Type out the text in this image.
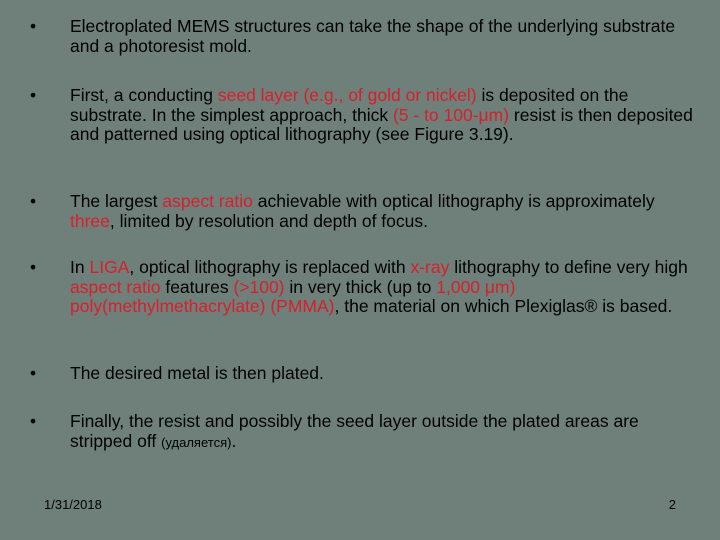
• Electroplated MEMS structures can take the shape of the underlying substrate and a photoresist mold.
• First, a conducting seed layer (e.g., of gold or nickel) is deposited on the substrate. In the simplest approach, thick (5 - to 100-μm) resist is then deposited and patterned using optical lithography (see Figure 3.19).
• The largest aspect ratio achievable with optical lithography is approximately three, limited by resolution and depth of focus.
• In LIGA, optical lithography is replaced with x-ray lithography to define very high aspect ratio features (>100) in very thick (up to 1,000 μm) poly(methylmethacrylate) (PMMA), the material on which Plexiglas® is based.
• The desired metal is then plated.
• Finally, the resist and possibly the seed layer outside the plated areas are stripped off (удаляется).
1/31/2018	2
